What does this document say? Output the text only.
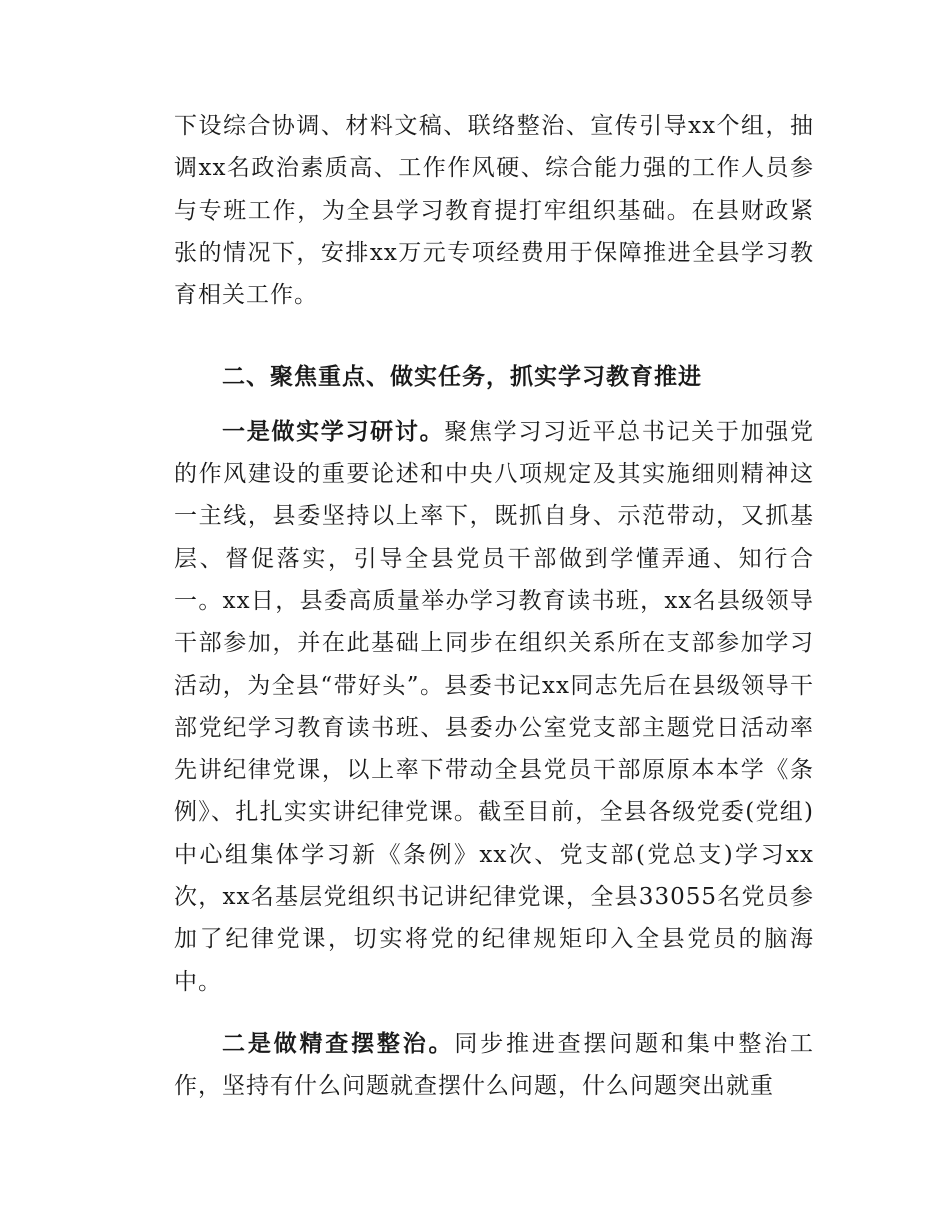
下设综合协调、材料文稿、联络整治、宣传引导xx个组，抽调xx名政治素质高、工作作风硬、综合能力强的工作人员参与专班工作，为全县学习教育提打牢组织基础。在县财政紧张的情况下，安排xx万元专项经费用于保障推进全县学习教育相关工作。

二、聚焦重点、做实任务，抓实学习教育推进

一是做实学习研讨。聚焦学习习近平总书记关于加强党的作风建设的重要论述和中央八项规定及其实施细则精神这一主线，县委坚持以上率下，既抓自身、示范带动，又抓基层、督促落实，引导全县党员干部做到学懂弄通、知行合一。xx日，县委高质量举办学习教育读书班，xx名县级领导干部参加，并在此基础上同步在组织关系所在支部参加学习活动，为全县“带好头”。县委书记xx同志先后在县级领导干部党纪学习教育读书班、县委办公室党支部主题党日活动率先讲纪律党课，以上率下带动全县党员干部原原本本学《条例》、扎扎实实讲纪律党课。截至目前，全县各级党委(党组)中心组集体学习新《条例》xx次、党支部(党总支)学习xx次，xx名基层党组织书记讲纪律党课，全县33055名党员参加了纪律党课，切实将党的纪律规矩印入全县党员的脑海中。

二是做精查摆整治。同步推进查摆问题和集中整治工作，坚持有什么问题就查摆什么问题，什么问题突出就重
